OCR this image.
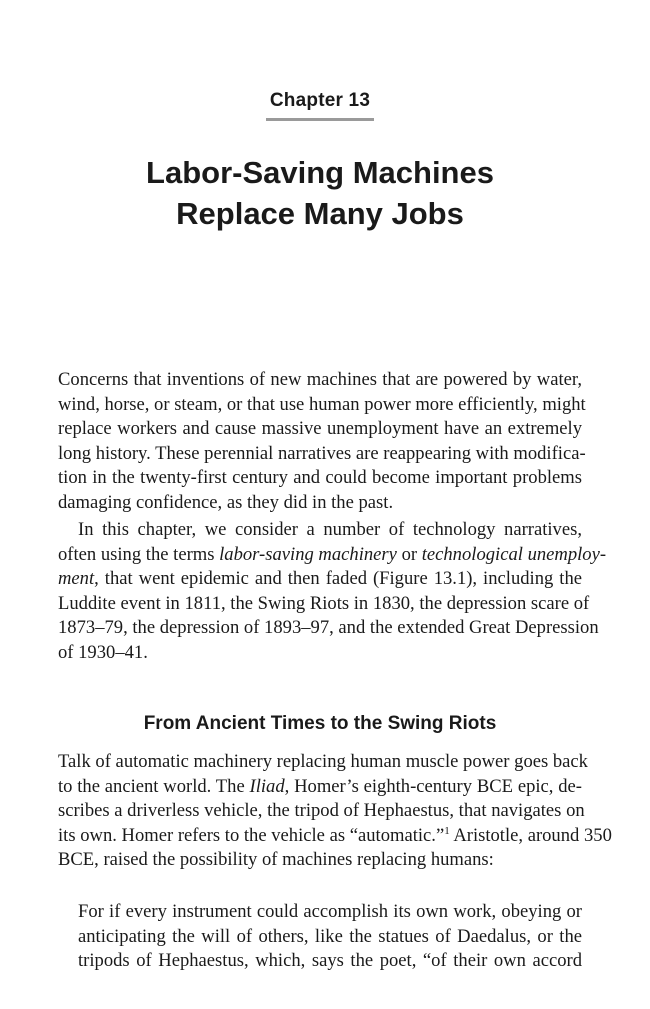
Chapter 13
Labor-Saving Machines
Replace Many Jobs
Concerns that inventions of new machines that are powered by water,
wind, horse, or steam, or that use human power more efficiently, might
replace workers and cause massive unemployment have an extremely
long history. These perennial narratives are reappearing with modifica-
tion in the twenty-first century and could become important problems
damaging confidence, as they did in the past.
In this chapter, we consider a number of technology narratives,
often using the terms labor-saving machinery or technological unemploy-
ment, that went epidemic and then faded (Figure 13.1), including the
Luddite event in 1811, the Swing Riots in 1830, the depression scare of
1873–79, the depression of 1893–97, and the extended Great Depression
of 1930–41.
From Ancient Times to the Swing Riots
Talk of automatic machinery replacing human muscle power goes back
to the ancient world. The Iliad, Homer’s eighth-century BCE epic, de-
scribes a driverless vehicle, the tripod of Hephaestus, that navigates on
its own. Homer refers to the vehicle as “automatic.”$^1$ Aristotle, around 350
BCE, raised the possibility of machines replacing humans:
For if every instrument could accomplish its own work, obeying or
anticipating the will of others, like the statues of Daedalus, or the
tripods of Hephaestus, which, says the poet, “of their own accord
